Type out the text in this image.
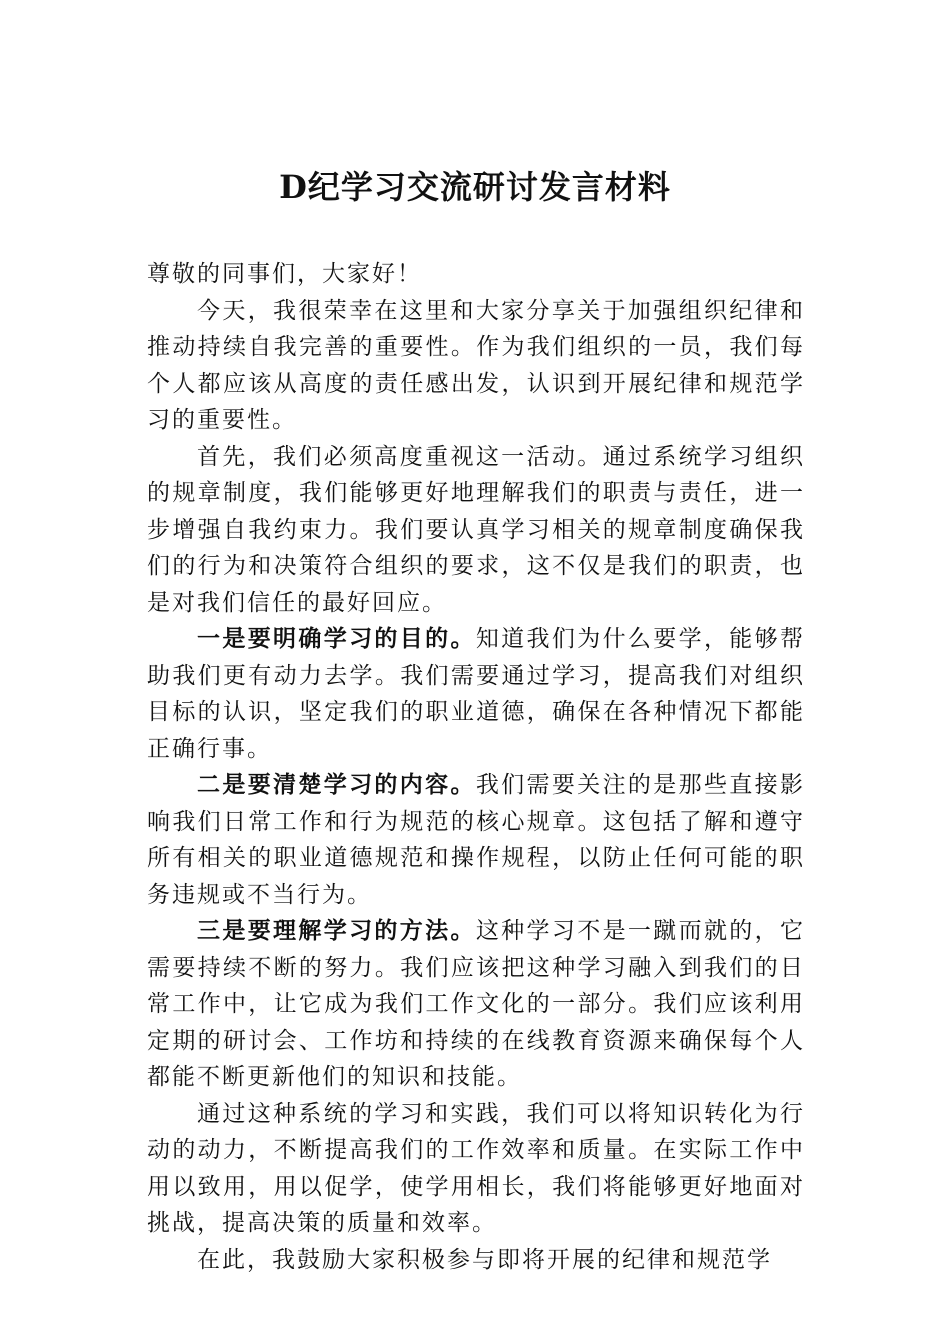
D纪学习交流研讨发言材料

尊敬的同事们，大家好！

今天，我很荣幸在这里和大家分享关于加强组织纪律和推动持续自我完善的重要性。作为我们组织的一员，我们每个人都应该从高度的责任感出发，认识到开展纪律和规范学习的重要性。

首先，我们必须高度重视这一活动。通过系统学习组织的规章制度，我们能够更好地理解我们的职责与责任，进一步增强自我约束力。我们要认真学习相关的规章制度确保我们的行为和决策符合组织的要求，这不仅是我们的职责，也是对我们信任的最好回应。

一是要明确学习的目的。知道我们为什么要学，能够帮助我们更有动力去学。我们需要通过学习，提高我们对组织目标的认识，坚定我们的职业道德，确保在各种情况下都能正确行事。

二是要清楚学习的内容。我们需要关注的是那些直接影响我们日常工作和行为规范的核心规章。这包括了解和遵守所有相关的职业道德规范和操作规程，以防止任何可能的职务违规或不当行为。

三是要理解学习的方法。这种学习不是一蹴而就的，它需要持续不断的努力。我们应该把这种学习融入到我们的日常工作中，让它成为我们工作文化的一部分。我们应该利用定期的研讨会、工作坊和持续的在线教育资源来确保每个人都能不断更新他们的知识和技能。

通过这种系统的学习和实践，我们可以将知识转化为行动的动力，不断提高我们的工作效率和质量。在实际工作中用以致用，用以促学，使学用相长，我们将能够更好地面对挑战，提高决策的质量和效率。

在此，我鼓励大家积极参与即将开展的纪律和规范学
